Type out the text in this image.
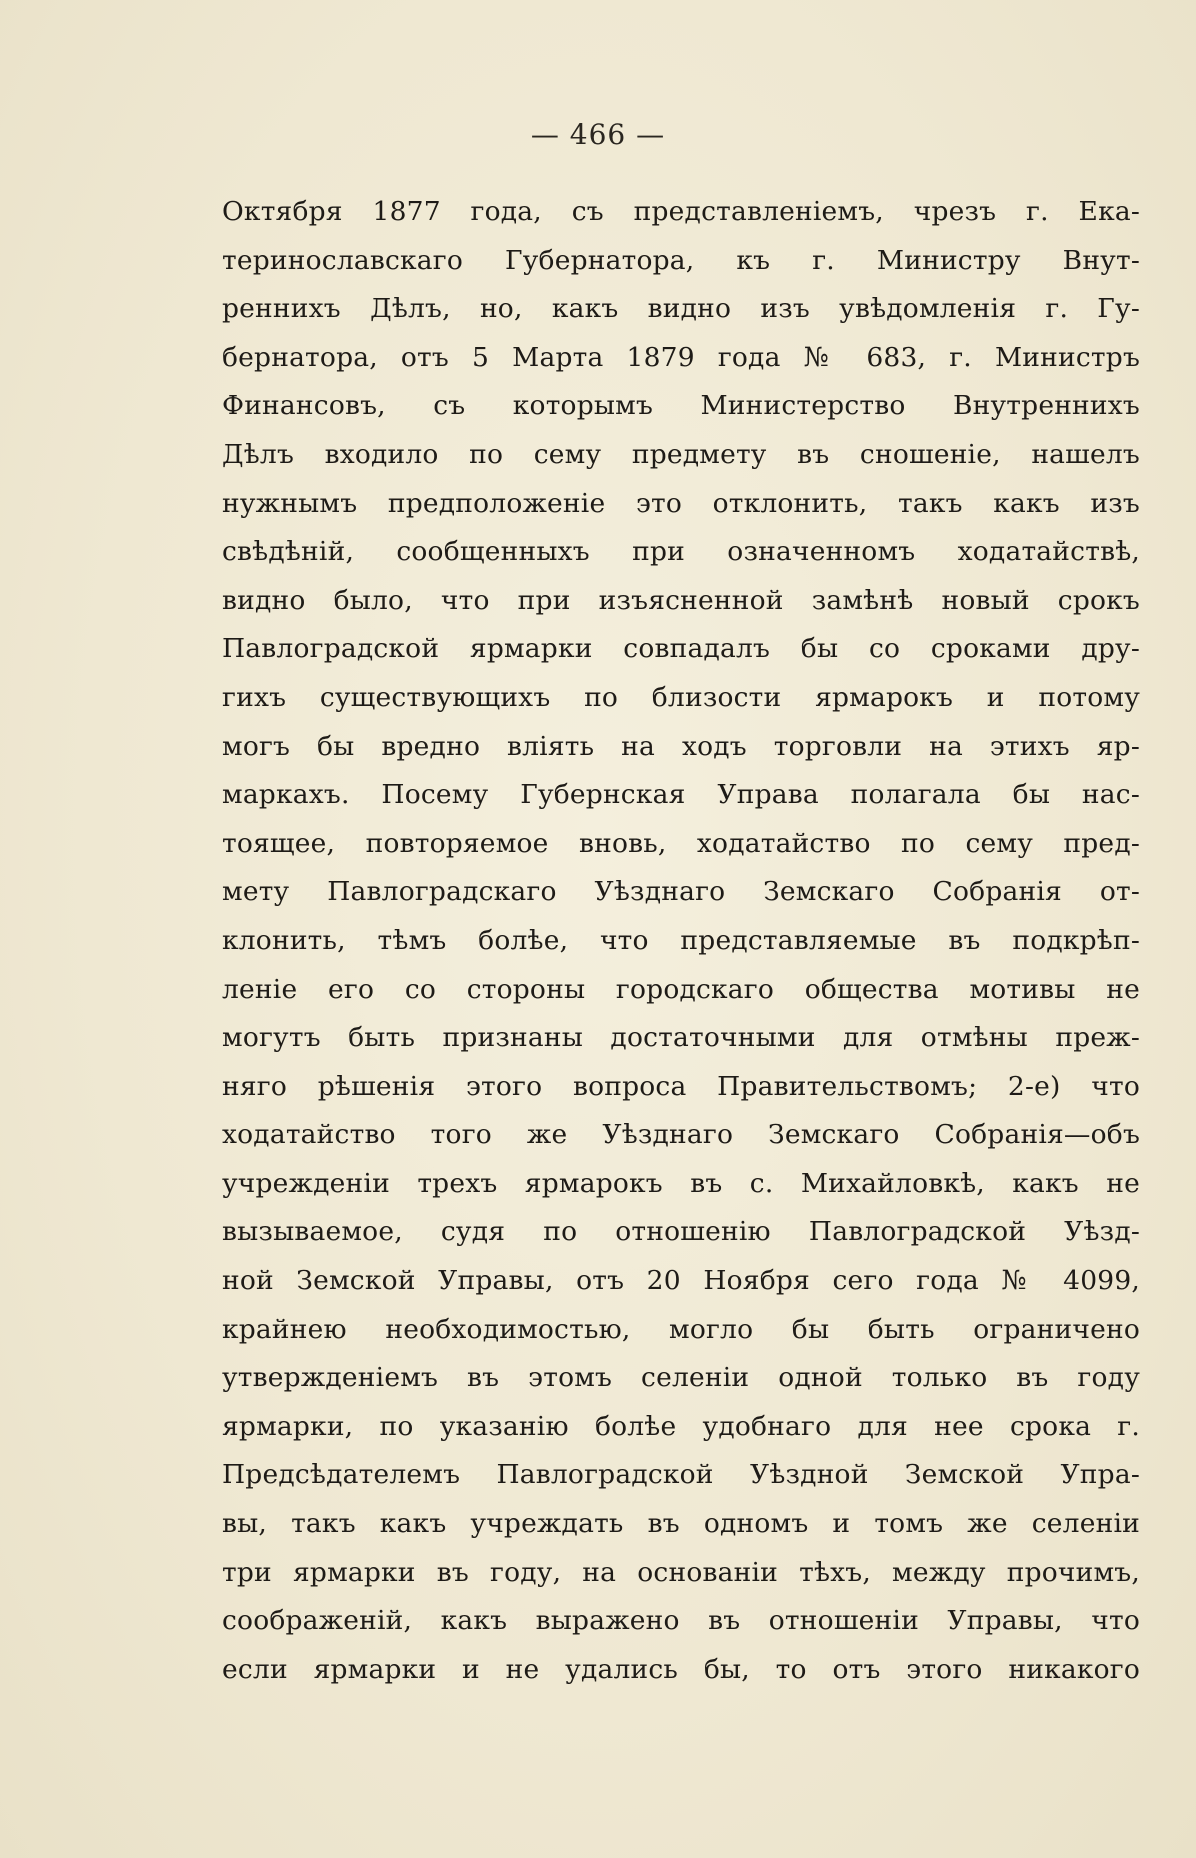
— 466 —
Октября 1877 года, съ представленіемъ, чрезъ г. Ека-
теринославскаго Губернатора, къ г. Министру Внут-
реннихъ Дѣлъ, но, какъ видно изъ увѣдомленія г. Гу-
бернатора, отъ 5 Марта 1879 года № 683, г. Министръ
Финансовъ, съ которымъ Министерство Внутреннихъ
Дѣлъ входило по сему предмету въ сношеніе, нашелъ
нужнымъ предположеніе это отклонить, такъ какъ изъ
свѣдѣній, сообщенныхъ при означенномъ ходатайствѣ,
видно было, что при изъясненной замѣнѣ новый срокъ
Павлоградской ярмарки совпадалъ бы со сроками дру-
гихъ существующихъ по близости ярмарокъ и потому
могъ бы вредно влiять на ходъ торговли на этихъ яр-
маркахъ. Посему Губернская Управа полагала бы нас-
тоящее, повторяемое вновь, ходатайство по сему пред-
мету Павлоградскаго Уѣзднаго Земскаго Собранія от-
клонить, тѣмъ болѣе, что представляемые въ подкрѣп-
леніе его со стороны городскаго общества мотивы не
могутъ быть признаны достаточными для отмѣны преж-
няго рѣшенія этого вопроса Правительствомъ; 2-е) что
ходатайство того же Уѣзднаго Земскаго Собранія—объ
учрежденіи трехъ ярмарокъ въ с. Михайловкѣ, какъ не
вызываемое, судя по отношенію Павлоградской Уѣзд-
ной Земской Управы, отъ 20 Ноября сего года № 4099,
крайнею необходимостью, могло бы быть ограничено
утвержденіемъ въ этомъ селеніи одной только въ году
ярмарки, по указанію болѣе удобнаго для нее срока г.
Предсѣдателемъ Павлоградской Уѣздной Земской Упра-
вы, такъ какъ учреждать въ одномъ и томъ же селеніи
три ярмарки въ году, на основаніи тѣхъ, между прочимъ,
соображеній, какъ выражено въ отношеніи Управы, что
если ярмарки и не удались бы, то отъ этого никакого
